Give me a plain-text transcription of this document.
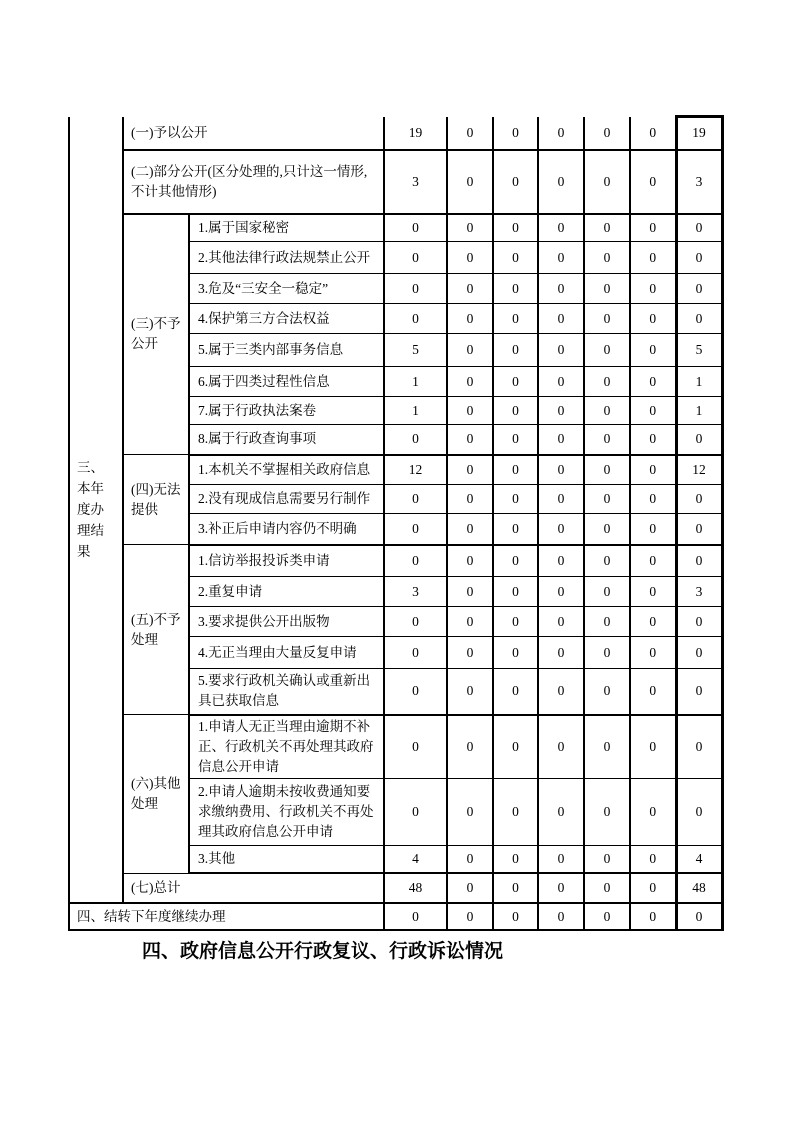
三、本年度办理结果	(一)予以公开		19	0	0	0	0	0	19
	(二)部分公开(区分处理的,只计这一情形,不计其他情形)		3	0	0	0	0	0	3
	(三)不予公开	1.属于国家秘密	0	0	0	0	0	0	0
		2.其他法律行政法规禁止公开	0	0	0	0	0	0	0
		3.危及“三安全一稳定”	0	0	0	0	0	0	0
		4.保护第三方合法权益	0	0	0	0	0	0	0
		5.属于三类内部事务信息	5	0	0	0	0	0	5
		6.属于四类过程性信息	1	0	0	0	0	0	1
		7.属于行政执法案卷	1	0	0	0	0	0	1
		8.属于行政查询事项	0	0	0	0	0	0	0
	(四)无法提供	1.本机关不掌握相关政府信息	12	0	0	0	0	0	12
		2.没有现成信息需要另行制作	0	0	0	0	0	0	0
		3.补正后申请内容仍不明确	0	0	0	0	0	0	0
	(五)不予处理	1.信访举报投诉类申请	0	0	0	0	0	0	0
		2.重复申请	3	0	0	0	0	0	3
		3.要求提供公开出版物	0	0	0	0	0	0	0
		4.无正当理由大量反复申请	0	0	0	0	0	0	0
		5.要求行政机关确认或重新出具已获取信息	0	0	0	0	0	0	0
	(六)其他处理	1.申请人无正当理由逾期不补正、行政机关不再处理其政府信息公开申请	0	0	0	0	0	0	0
		2.申请人逾期未按收费通知要求缴纳费用、行政机关不再处理其政府信息公开申请	0	0	0	0	0	0	0
		3.其他	4	0	0	0	0	0	4
	(七)总计		48	0	0	0	0	0	48
四、结转下年度继续办理			0	0	0	0	0	0	0
四、政府信息公开行政复议、行政诉讼情况
